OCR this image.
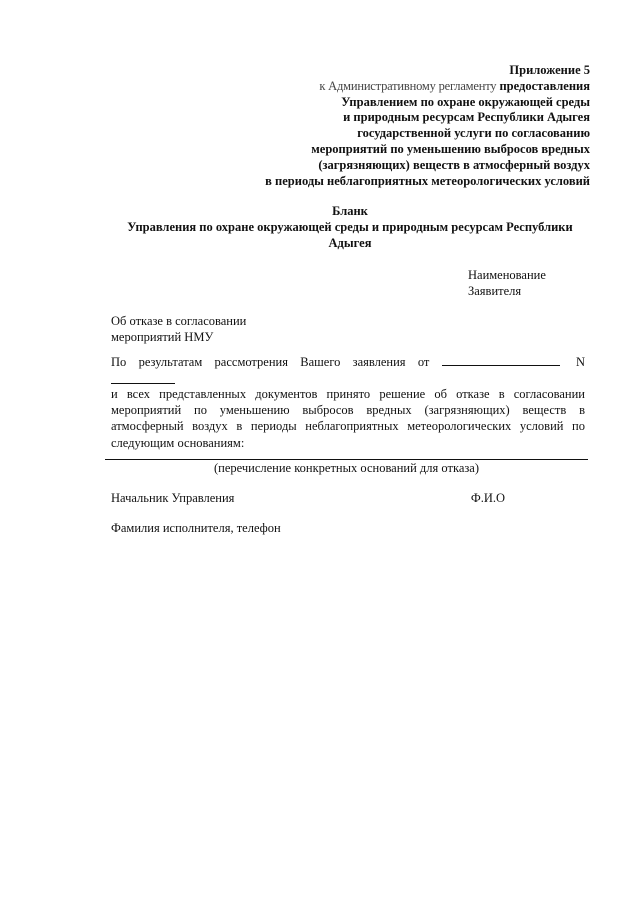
Приложение 5
к Административному регламенту предоставления
Управлением по охране окружающей среды
и природным ресурсам Республики Адыгея
государственной услуги по согласованию
мероприятий по уменьшению выбросов вредных
(загрязняющих) веществ в атмосферный воздух
в периоды неблагоприятных метеорологических условий
Бланк
Управления по охране окружающей среды и природным ресурсам Республики
Адыгея
Наименование
Заявителя
Об отказе в согласовании
мероприятий НМУ
По результатам рассмотрения Вашего заявления от	N
и всех представленных документов принято решение об отказе в согласовании мероприятий по уменьшению выбросов вредных (загрязняющих) веществ в атмосферный воздух в периоды неблагоприятных метеорологических условий по следующим основаниям:
(перечисление конкретных оснований для отказа)
Начальник Управления	Ф.И.О
Фамилия исполнителя, телефон
